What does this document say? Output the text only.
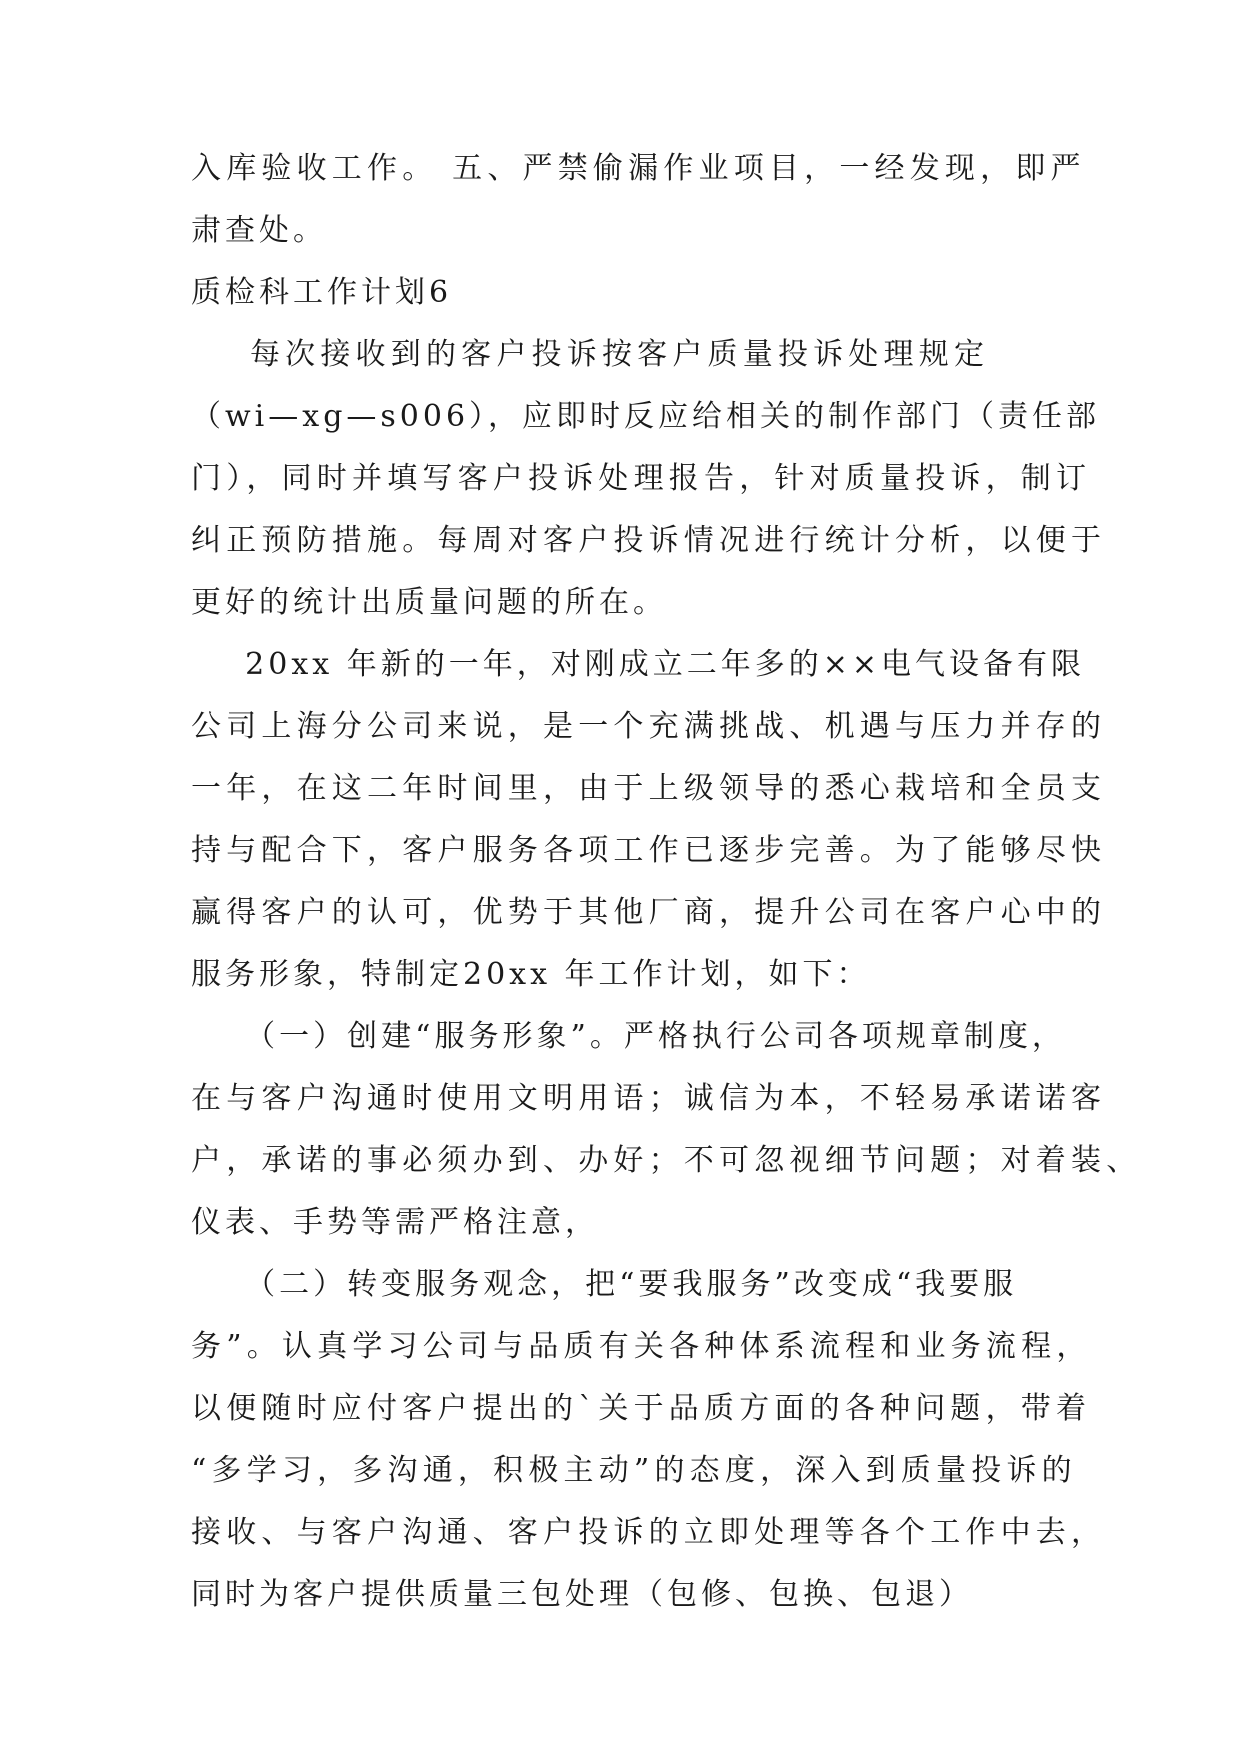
入库验收工作。 五、严禁偷漏作业项目，一经发现，即严

肃查处。

质检科工作计划6

每次接收到的客户投诉按客户质量投诉处理规定

（wi—xg—s006），应即时反应给相关的制作部门（责任部

门），同时并填写客户投诉处理报告，针对质量投诉，制订

纠正预防措施。每周对客户投诉情况进行统计分析，以便于

更好的统计出质量问题的所在。

20xx 年新的一年，对刚成立二年多的××电气设备有限

公司上海分公司来说，是一个充满挑战、机遇与压力并存的

一年，在这二年时间里，由于上级领导的悉心栽培和全员支

持与配合下，客户服务各项工作已逐步完善。为了能够尽快

赢得客户的认可，优势于其他厂商，提升公司在客户心中的

服务形象，特制定20xx 年工作计划，如下：

（一）创建“服务形象”。严格执行公司各项规章制度，

在与客户沟通时使用文明用语；诚信为本，不轻易承诺诺客

户，承诺的事必须办到、办好；不可忽视细节问题；对着装、

仪表、手势等需严格注意，

（二）转变服务观念，把“要我服务”改变成“我要服

务”。认真学习公司与品质有关各种体系流程和业务流程，

以便随时应付客户提出的`关于品质方面的各种问题，带着

“多学习，多沟通，积极主动”的态度，深入到质量投诉的

接收、与客户沟通、客户投诉的立即处理等各个工作中去，

同时为客户提供质量三包处理（包修、包换、包退）
